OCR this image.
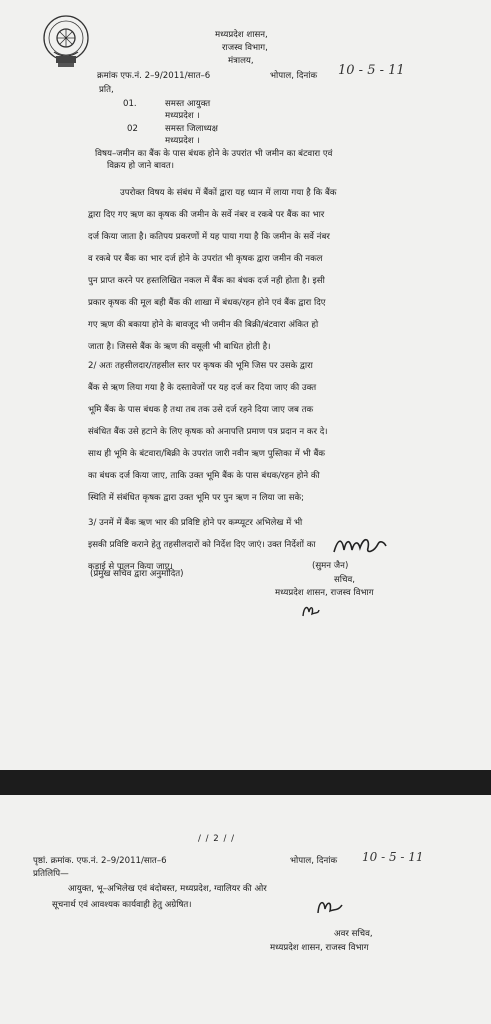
मध्यप्रदेश शासन,
राजस्व विभाग,
मंत्रालय,
क्रमांक एफ.नं. 2–9/2011/सात–6	भोपाल, दिनांक 10 - 5 - 11
प्रति,
01.	समस्त आयुक्त
मध्यप्रदेश ।
02	समस्त जिलाध्यक्ष
मध्यप्रदेश ।
विषय–जमीन का बैंक के पास बंधक होने के उपरांत भी जमीन का बंटवारा एवं
विक्रय हो जाने बावत।
उपरोक्त विषय के संबंध में बैंकों द्वारा यह ध्यान में लाया गया है कि बैंक
द्वारा दिए गए ऋण का कृषक की जमीन के सर्वे नंबर व रकबे पर बैंक का भार
दर्ज किया जाता है। कतिपय प्रकरणों में यह पाया गया है कि जमीन के सर्वे नंबर
व रकबे पर बैंक का भार दर्ज होने के उपरांत भी कृषक द्वारा जमीन की नकल
पुन प्राप्त करने पर हस्तलिखित नकल में बैंक का बंधक दर्ज नही होता है। इसी
प्रकार कृषक की मूल बही बैंक की शाखा में बंधक/रहन होने एवं बैंक द्वारा दिए
गए ऋण की बकाया होने के बावजूद भी जमीन की बिक्री/बंटवारा अंकित हो
जाता है। जिससे बैंक के ऋण की वसूली भी बाधित होती है।
2/ अतः तहसीलदार/तहसील स्तर पर कृषक की भूमि जिस पर उसके द्वारा
बैंक से ऋण लिया गया है के दस्तावेजों पर यह दर्ज कर दिया जाए की उक्त
भूमि बैंक के पास बंधक है तथा तब तक उसे दर्ज रहने दिया जाए जब तक
संबंधित बैंक उसे हटाने के लिए कृषक को अनापत्ति प्रमाण पत्र प्रदान न कर दे।
साथ ही भूमि के बंटवारा/बिक्री के उपरांत जारी नवीन ऋण पुस्तिका में भी बैंक
का बंधक दर्ज किया जाए, ताकि उक्त भूमि बैंक के पास बंधक/रहन होने की
स्थिति में संबंधित कृषक द्वारा उक्त भूमि पर पुन ऋण न लिया जा सके;
3/ उनमें में बैंक ऋण भार की प्रविष्टि होने पर कम्प्यूटर अभिलेख में भी
इसकी प्रविष्टि कराने हेतु तहसीलदारों को निर्देश दिए जाएं। उक्त निर्देशों का
कड़ाई से पालन किया जाए।
(प्रमुख सचिव द्वारा अनुमोदित)
(सुमन जैन)
सचिव,
मध्यप्रदेश शासन, राजस्व विभाग
/ / 2 / /
पृष्ठां. क्रमांक. एफ.नं. 2–9/2011/सात–6	भोपाल, दिनांक 10 - 5 - 11
प्रतिलिपि—
आयुक्त, भू–अभिलेख एवं बंदोबस्त, मध्यप्रदेश, ग्वालियर की ओर
सूचनार्थ एवं आवश्यक कार्यवाही हेतु अग्रेषित।
अवर सचिव,
मध्यप्रदेश शासन, राजस्व विभाग
